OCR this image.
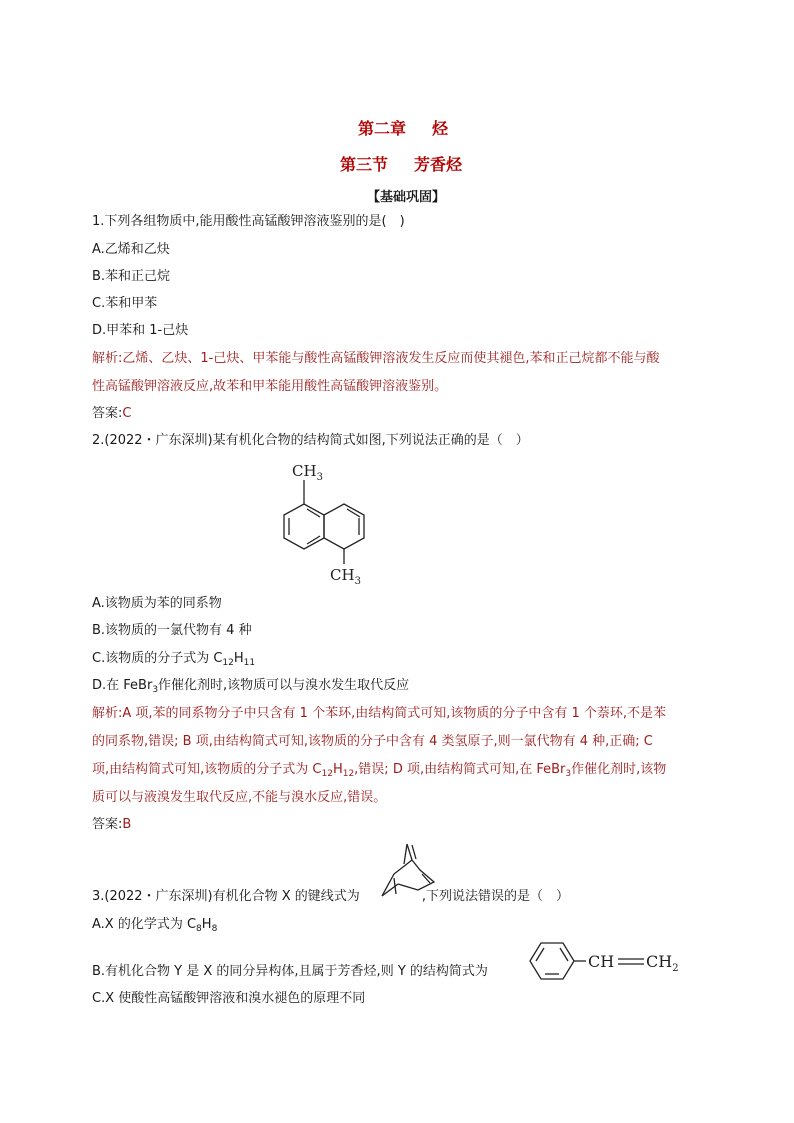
第二章 烃
第三节 芳香烃
【基础巩固】
1.下列各组物质中,能用酸性高锰酸钾溶液鉴别的是(　)
A.乙烯和乙炔
B.苯和正己烷
C.苯和甲苯
D.甲苯和 1-己炔
解析:乙烯、乙炔、1-己炔、甲苯能与酸性高锰酸钾溶液发生反应而使其褪色,苯和正己烷都不能与酸
性高锰酸钾溶液反应,故苯和甲苯能用酸性高锰酸钾溶液鉴别。
答案:C
2.(2022・广东深圳)某有机化合物的结构简式如图,下列说法正确的是（　）
$CH_3$
$CH_3$
A.该物质为苯的同系物
B.该物质的一氯代物有 4 种
C.该物质的分子式为 $C_{12}H_{11}$
D.在 FeBr$_3$作催化剂时,该物质可以与溴水发生取代反应
解析:A 项,苯的同系物分子中只含有 1 个苯环,由结构简式可知,该物质的分子中含有 1 个萘环,不是苯
的同系物,错误; B 项,由结构简式可知,该物质的分子中含有 4 类氢原子,则一氯代物有 4 种,正确; C
项,由结构简式可知,该物质的分子式为 $C_{12}H_{12}$,错误; D 项,由结构简式可知,在 FeBr$_3$作催化剂时,该物
质可以与液溴发生取代反应,不能与溴水反应,错误。
答案:B
3.(2022・广东深圳)有机化合物 X 的键线式为	,下列说法错误的是（　）
A.X 的化学式为 $C_8H_8$
B.有机化合物 Y 是 X 的同分异构体,且属于芳香烃,则 Y 的结构简式为
CH $CH_2$
C.X 使酸性高锰酸钾溶液和溴水褪色的原理不同
